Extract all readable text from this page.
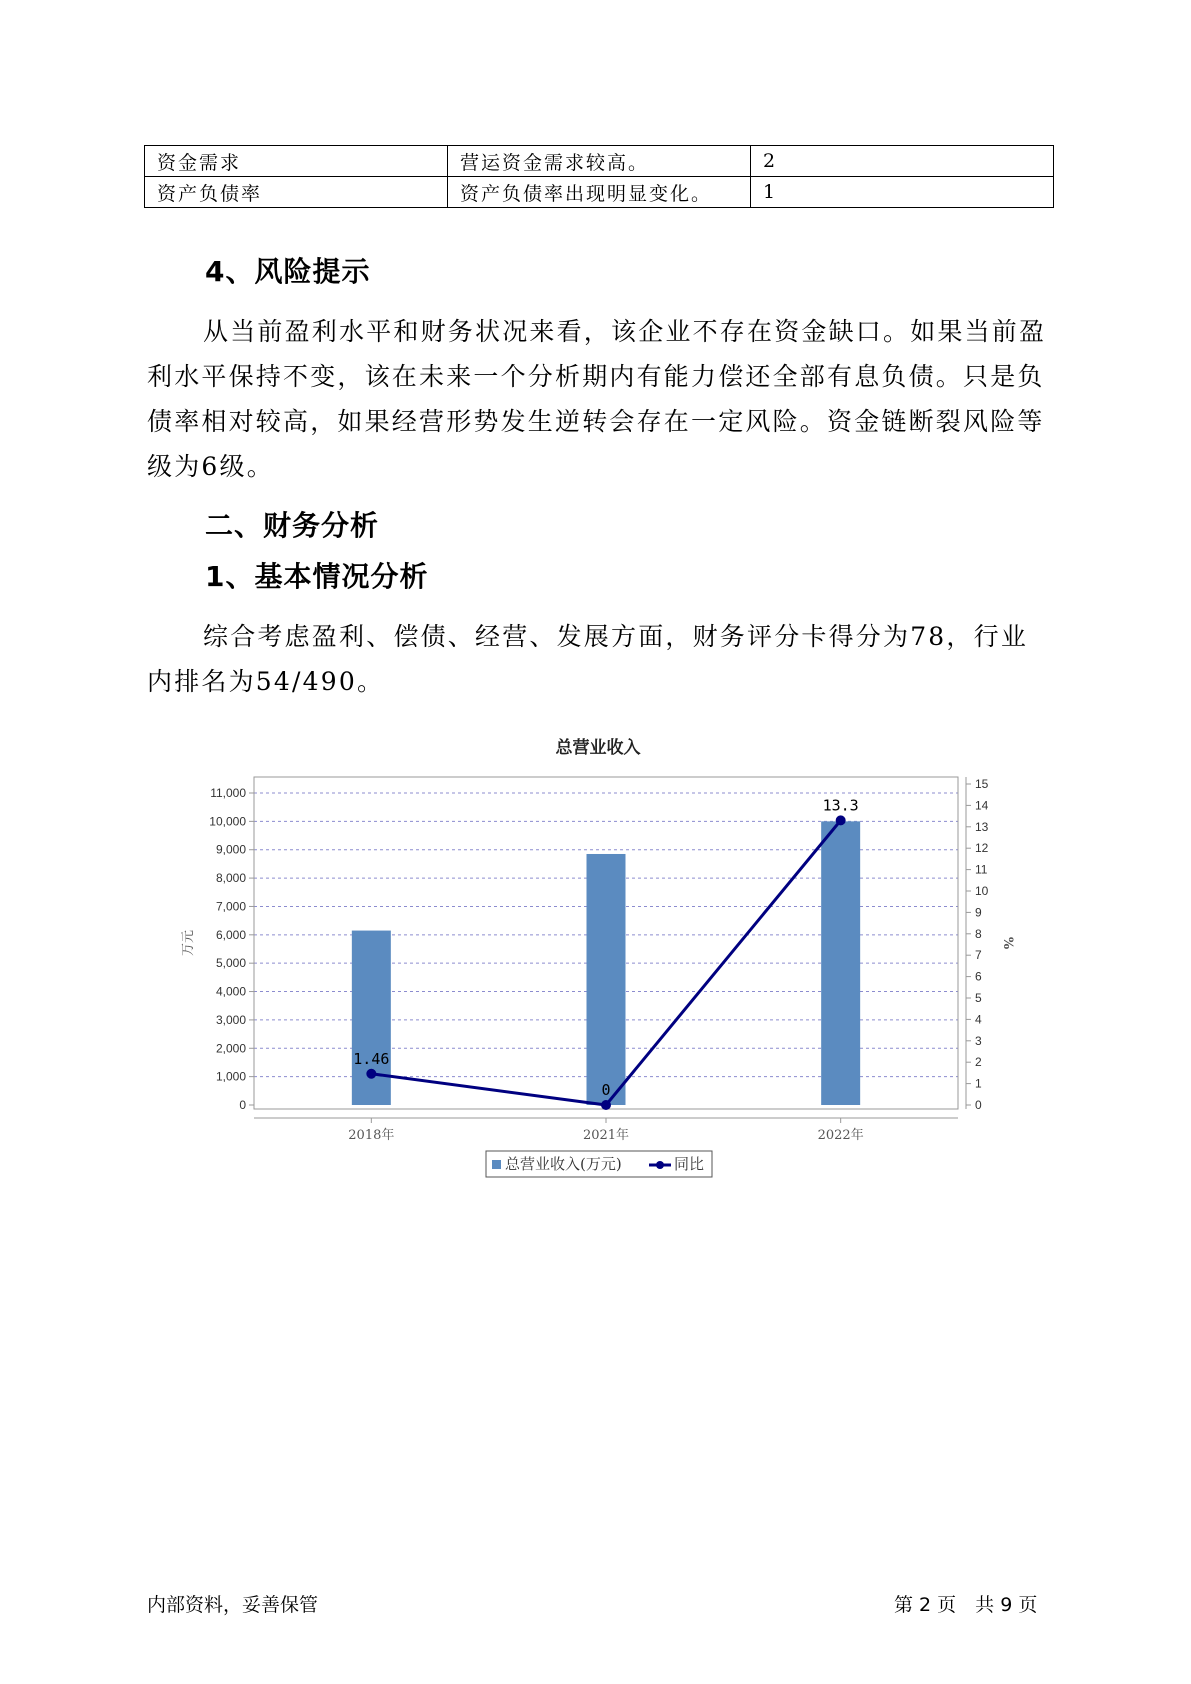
资金需求	营运资金需求较高。	2
资产负债率	资产负债率出现明显变化。	1
4、风险提示

从当前盈利水平和财务状况来看，该企业不存在资金缺口。如果当前盈利水平保持不变，该在未来一个分析期内有能力偿还全部有息负债。只是负债率相对较高，如果经营形势发生逆转会存在一定风险。资金链断裂风险等级为6级。

二、财务分析
1、基本情况分析

综合考虑盈利、偿债、经营、发展方面，财务评分卡得分为78，行业内排名为54/490。

总营业收入
0
1,000
2,000
3,000
4,000
5,000
6,000
7,000
8,000
9,000
10,000
11,000
0
1
2
3
4
5
6
7
8
9
10
11
12
13
14
15
万元	%
1.46
0
13.3
2018年	2021年	2022年
总营业收入(万元)	同比
内部资料，妥善保管	第 2 页　共 9 页
